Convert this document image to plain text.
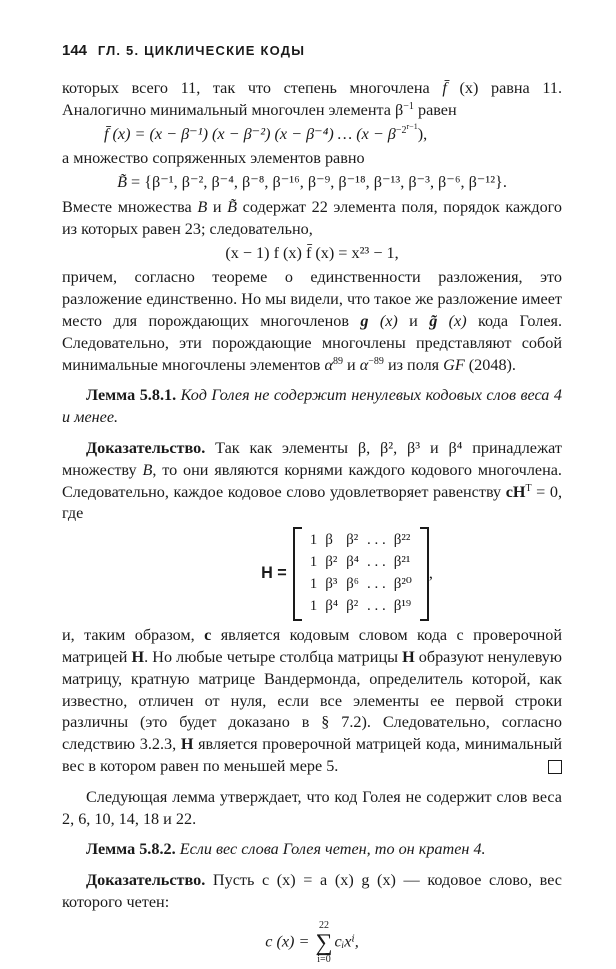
144 ГЛ. 5. ЦИКЛИЧЕСКИЕ КОДЫ

которых всего 11, так что степень многочлена f̄ (x) равна 11. Аналогично минимальный многочлен элемента $\beta^{-1}$ равен

f̄ (x) = (x − β⁻¹) (x − β⁻²) (x − β⁻⁴) … $(x - \beta^{-2^{r-1}})$,

а множество сопряженных элементов равно

B̃ = {β⁻¹, β⁻², β⁻⁴, β⁻⁸, β⁻¹⁶, β⁻⁹, β⁻¹⁸, β⁻¹³, β⁻³, β⁻⁶, β⁻¹²}.

Вместе множества B и B̃ содержат 22 элемента поля, порядок каждого из которых равен 23; следовательно,

(x − 1) f (x) f̄ (x) = x²³ − 1,

причем, согласно теореме о единственности разложения, это разложение единственно. Но мы видели, что такое же разложение имеет место для порождающих многочленов g (x) и g̃ (x) кода Голея. Следовательно, эти порождающие многочлены представляют собой минимальные многочлены элементов $\alpha^{89}$ и $\alpha^{-89}$ из поля GF (2048).

Лемма 5.8.1. Код Голея не содержит ненулевых кодовых слов веса 4 и менее.

Доказательство. Так как элементы β, β², β³ и β⁴ принадлежат множеству B, то они являются корнями каждого кодового многочлена. Следовательно, каждое кодовое слово удовлетворяет равенству $cH^T = 0$, где

H =
1	β	β²	. . .	β²²
1	β²	β⁴	. . .	β²¹
1	β³	β⁶	. . .	β²⁰
1	β⁴	β²	. . .	β¹⁹
,

и, таким образом, c является кодовым словом кода с проверочной матрицей H. Но любые четыре столбца матрицы H образуют ненулевую матрицу, кратную матрице Вандермонда, определитель которой, как известно, отличен от нуля, если все элементы ее первой строки различны (это будет доказано в § 7.2). Следовательно, согласно следствию 3.2.3, H является проверочной матрицей кода, минимальный вес в котором равен по меньшей мере 5.

Следующая лемма утверждает, что код Голея не содержит слов веса 2, 6, 10, 14, 18 и 22.

Лемма 5.8.2. Если вес слова Голея четен, то он кратен 4.

Доказательство. Пусть c (x) = a (x) g (x) — кодовое слово, вес которого четен:

c (x) =
22
∑
i=0
cᵢxⁱ,
